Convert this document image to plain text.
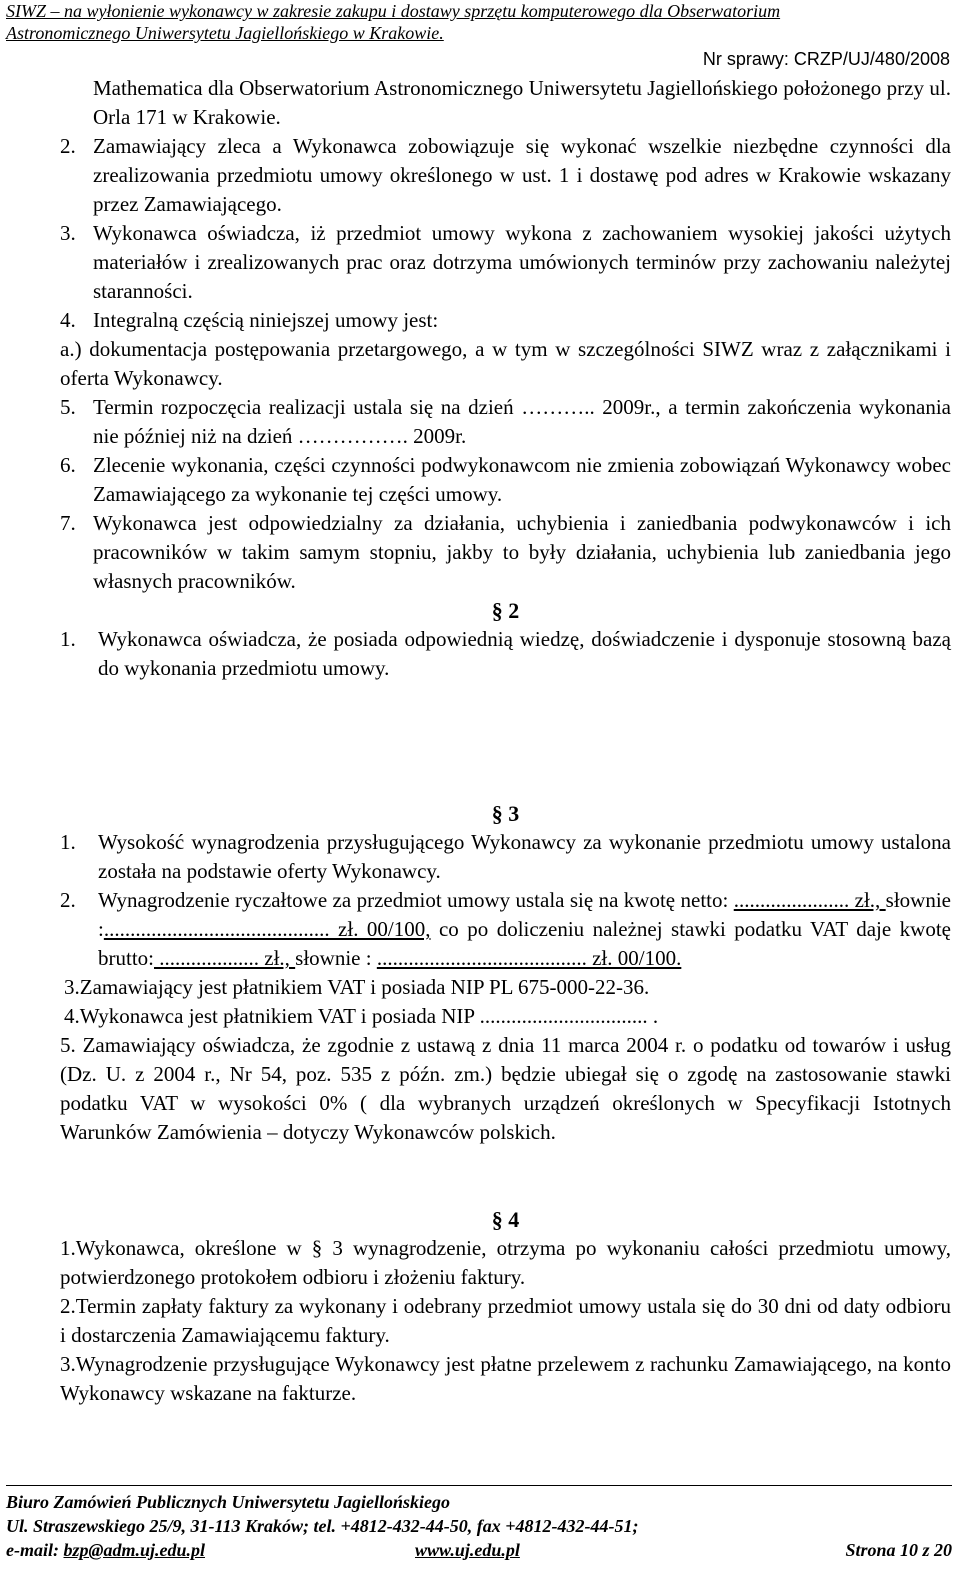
SIWZ – na wyłonienie wykonawcy w zakresie zakupu i dostawy sprzętu komputerowego dla Obserwatorium
Astronomicznego Uniwersytetu Jagiellońskiego w Krakowie.
Nr sprawy: CRZP/UJ/480/2008
Mathematica dla Obserwatorium Astronomicznego Uniwersytetu Jagiellońskiego położonego przy ul. Orla 171 w Krakowie.
2. Zamawiający zleca a Wykonawca zobowiązuje się wykonać wszelkie niezbędne czynności dla zrealizowania przedmiotu umowy określonego w ust. 1 i dostawę pod adres w Krakowie wskazany przez Zamawiającego.
3. Wykonawca oświadcza, iż przedmiot umowy wykona z zachowaniem wysokiej jakości użytych materiałów i zrealizowanych prac oraz dotrzyma umówionych terminów przy zachowaniu należytej staranności.
4. Integralną częścią niniejszej umowy jest:
a.) dokumentacja postępowania przetargowego, a w tym w szczególności SIWZ wraz z załącznikami i oferta Wykonawcy.
5. Termin rozpoczęcia realizacji ustala się na dzień ……….. 2009r., a termin zakończenia wykonania nie później niż na dzień ……………. 2009r.
6. Zlecenie wykonania, części czynności podwykonawcom nie zmienia zobowiązań Wykonawcy wobec Zamawiającego za wykonanie tej części umowy.
7. Wykonawca jest odpowiedzialny za działania, uchybienia i zaniedbania podwykonawców i ich pracowników w takim samym stopniu, jakby to były działania, uchybienia lub zaniedbania jego własnych pracowników.
§ 2
1. Wykonawca oświadcza, że posiada odpowiednią wiedzę, doświadczenie i dysponuje stosowną bazą do wykonania przedmiotu umowy.
§ 3
1. Wysokość wynagrodzenia przysługującego Wykonawcy za wykonanie przedmiotu umowy ustalona została na podstawie oferty Wykonawcy.
2. Wynagrodzenie ryczałtowe za przedmiot umowy ustala się na kwotę netto: ...................... zł., słownie :........................................... zł. 00/100, co po doliczeniu należnej stawki podatku VAT daje kwotę brutto: ................... zł., słownie : ........................................ zł. 00/100.
3.Zamawiający jest płatnikiem VAT i posiada NIP PL 675-000-22-36.
4.Wykonawca jest płatnikiem VAT i posiada NIP ................................ .
5. Zamawiający oświadcza, że zgodnie z ustawą z dnia 11 marca 2004 r. o podatku od towarów i usług (Dz. U. z 2004 r., Nr 54, poz. 535 z późn. zm.) będzie ubiegał się o zgodę na zastosowanie stawki podatku VAT w wysokości 0% ( dla wybranych urządzeń określonych w Specyfikacji Istotnych Warunków Zamówienia – dotyczy Wykonawców polskich.
§ 4
1.Wykonawca, określone w § 3 wynagrodzenie, otrzyma po wykonaniu całości przedmiotu umowy, potwierdzonego protokołem odbioru i złożeniu faktury.
2.Termin zapłaty faktury za wykonany i odebrany przedmiot umowy ustala się do 30 dni od daty odbioru i dostarczenia Zamawiającemu faktury.
3.Wynagrodzenie przysługujące Wykonawcy jest płatne przelewem z rachunku Zamawiającego, na konto Wykonawcy wskazane na fakturze.
Biuro Zamówień Publicznych Uniwersytetu Jagiellońskiego
Ul. Straszewskiego 25/9, 31-113 Kraków; tel. +4812-432-44-50, fax +4812-432-44-51;
e-mail: bzp@adm.uj.edu.pl	www.uj.edu.pl	Strona 10 z 20
